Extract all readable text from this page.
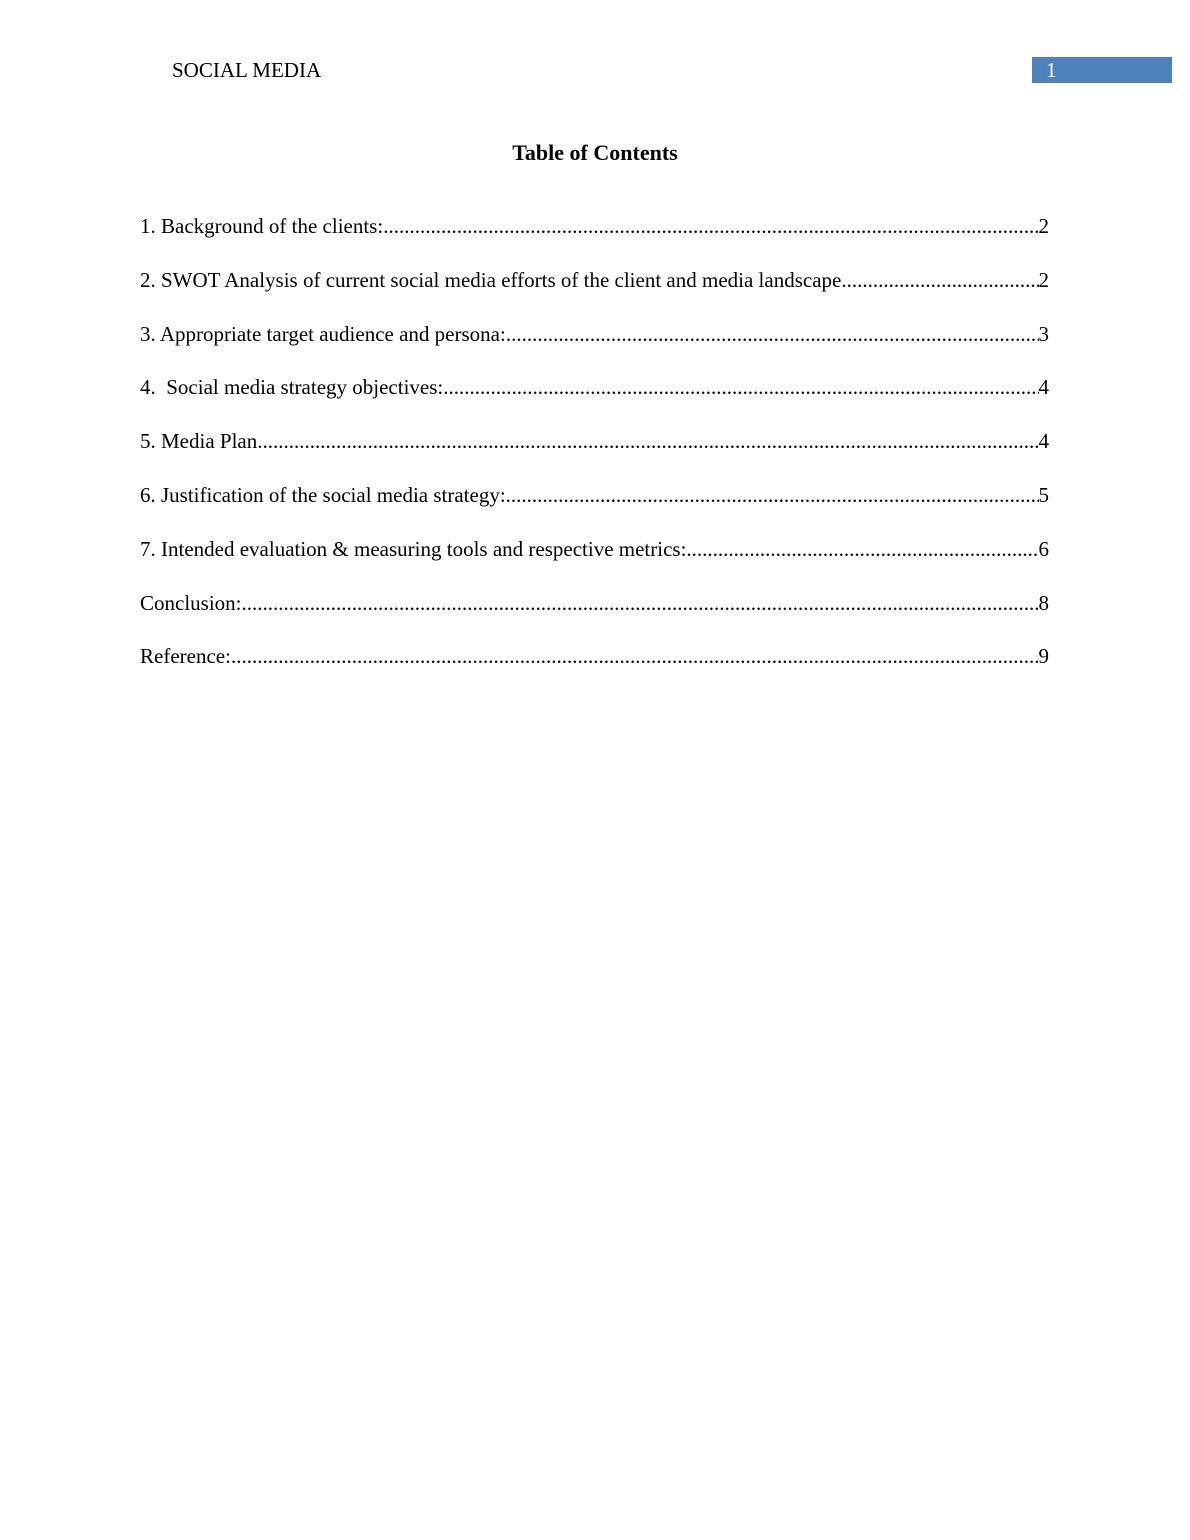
SOCIAL MEDIA	1
Table of Contents
1. Background of the clients: .....	2
2. SWOT Analysis of current social media efforts of the client and media landscape .....	2
3. Appropriate target audience and persona: .....	3
4.  Social media strategy objectives: .....	4
5. Media Plan .....	4
6. Justification of the social media strategy: .....	5
7. Intended evaluation & measuring tools and respective metrics: .....	6
Conclusion: .....	8
Reference: .....	9
